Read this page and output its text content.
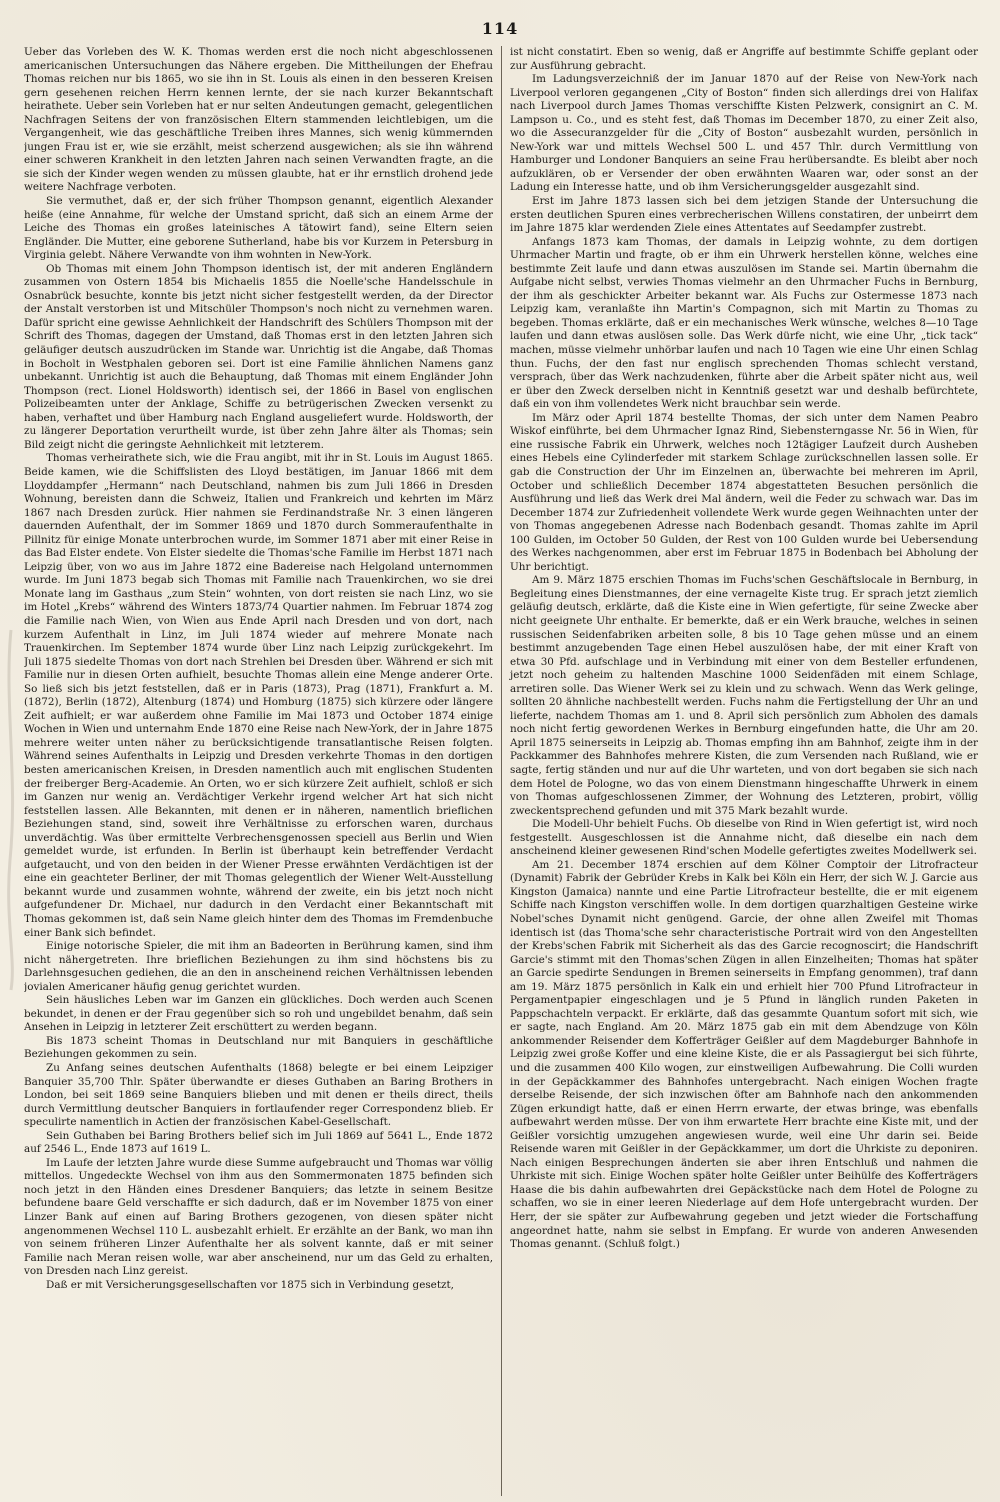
114

Ueber das Vorleben des W. K. Thomas werden erst die noch nicht abgeschlossenen americanischen Untersuchungen das Nähere ergeben. Die Mittheilungen der Ehefrau Thomas reichen nur bis 1865, wo sie ihn in St. Louis als einen in den besseren Kreisen gern gesehenen reichen Herrn kennen lernte, der sie nach kurzer Bekanntschaft heirathete. Ueber sein Vorleben hat er nur selten Andeutungen gemacht, gelegentlichen Nachfragen Seitens der von französischen Eltern stammenden leichtlebigen, um die Vergangenheit, wie das geschäftliche Treiben ihres Mannes, sich wenig kümmernden jungen Frau ist er, wie sie erzählt, meist scherzend ausgewichen; als sie ihn während einer schweren Krankheit in den letzten Jahren nach seinen Verwandten fragte, an die sie sich der Kinder wegen wenden zu müssen glaubte, hat er ihr ernstlich drohend jede weitere Nachfrage verboten.

Sie vermuthet, daß er, der sich früher Thompson genannt, eigentlich Alexander heiße (eine Annahme, für welche der Umstand spricht, daß sich an einem Arme der Leiche des Thomas ein großes lateinisches A tätowirt fand), seine Eltern seien Engländer. Die Mutter, eine geborene Sutherland, habe bis vor Kurzem in Petersburg in Virginia gelebt. Nähere Verwandte von ihm wohnten in New-York.

Ob Thomas mit einem John Thompson identisch ist, der mit anderen Engländern zusammen von Ostern 1854 bis Michaelis 1855 die Noelle'sche Handelsschule in Osnabrück besuchte, konnte bis jetzt nicht sicher festgestellt werden, da der Director der Anstalt verstorben ist und Mitschüler Thompson's noch nicht zu vernehmen waren. Dafür spricht eine gewisse Aehnlichkeit der Handschrift des Schülers Thompson mit der Schrift des Thomas, dagegen der Umstand, daß Thomas erst in den letzten Jahren sich geläufiger deutsch auszudrücken im Stande war. Unrichtig ist die Angabe, daß Thomas in Bocholt in Westphalen geboren sei. Dort ist eine Familie ähnlichen Namens ganz unbekannt. Unrichtig ist auch die Behauptung, daß Thomas mit einem Engländer John Thompson (rect. Lionel Holdsworth) identisch sei, der 1866 in Basel von englischen Polizeibeamten unter der Anklage, Schiffe zu betrügerischen Zwecken versenkt zu haben, verhaftet und über Hamburg nach England ausgeliefert wurde. Holdsworth, der zu längerer Deportation verurtheilt wurde, ist über zehn Jahre älter als Thomas; sein Bild zeigt nicht die geringste Aehnlichkeit mit letzterem.

Thomas verheirathete sich, wie die Frau angibt, mit ihr in St. Louis im August 1865. Beide kamen, wie die Schiffslisten des Lloyd bestätigen, im Januar 1866 mit dem Lloyddampfer „Hermann“ nach Deutschland, nahmen bis zum Juli 1866 in Dresden Wohnung, bereisten dann die Schweiz, Italien und Frankreich und kehrten im März 1867 nach Dresden zurück. Hier nahmen sie Ferdinandstraße Nr. 3 einen längeren dauernden Aufenthalt, der im Sommer 1869 und 1870 durch Sommeraufenthalte in Pillnitz für einige Monate unterbrochen wurde, im Sommer 1871 aber mit einer Reise in das Bad Elster endete. Von Elster siedelte die Thomas'sche Familie im Herbst 1871 nach Leipzig über, von wo aus im Jahre 1872 eine Badereise nach Helgoland unternommen wurde. Im Juni 1873 begab sich Thomas mit Familie nach Trauenkirchen, wo sie drei Monate lang im Gasthaus „zum Stein“ wohnten, von dort reisten sie nach Linz, wo sie im Hotel „Krebs“ während des Winters 1873/74 Quartier nahmen. Im Februar 1874 zog die Familie nach Wien, von Wien aus Ende April nach Dresden und von dort, nach kurzem Aufenthalt in Linz, im Juli 1874 wieder auf mehrere Monate nach Trauenkirchen. Im September 1874 wurde über Linz nach Leipzig zurückgekehrt. Im Juli 1875 siedelte Thomas von dort nach Strehlen bei Dresden über. Während er sich mit Familie nur in diesen Orten aufhielt, besuchte Thomas allein eine Menge anderer Orte. So ließ sich bis jetzt feststellen, daß er in Paris (1873), Prag (1871), Frankfurt a. M. (1872), Berlin (1872), Altenburg (1874) und Homburg (1875) sich kürzere oder längere Zeit aufhielt; er war außerdem ohne Familie im Mai 1873 und October 1874 einige Wochen in Wien und unternahm Ende 1870 eine Reise nach New-York, der in Jahre 1875 mehrere weiter unten näher zu berücksichtigende transatlantische Reisen folgten. Während seines Aufenthalts in Leipzig und Dresden verkehrte Thomas in den dortigen besten americanischen Kreisen, in Dresden namentlich auch mit englischen Studenten der freiberger Berg-Academie. An Orten, wo er sich kürzere Zeit aufhielt, schloß er sich im Ganzen nur wenig an. Verdächtiger Verkehr irgend welcher Art hat sich nicht feststellen lassen. Alle Bekannten, mit denen er in näheren, namentlich brieflichen Beziehungen stand, sind, soweit ihre Verhältnisse zu erforschen waren, durchaus unverdächtig. Was über ermittelte Verbrechensgenossen speciell aus Berlin und Wien gemeldet wurde, ist erfunden. In Berlin ist überhaupt kein betreffender Verdacht aufgetaucht, und von den beiden in der Wiener Presse erwähnten Verdächtigen ist der eine ein geachteter Berliner, der mit Thomas gelegentlich der Wiener Welt-Ausstellung bekannt wurde und zusammen wohnte, während der zweite, ein bis jetzt noch nicht aufgefundener Dr. Michael, nur dadurch in den Verdacht einer Bekanntschaft mit Thomas gekommen ist, daß sein Name gleich hinter dem des Thomas im Fremdenbuche einer Bank sich befindet.

Einige notorische Spieler, die mit ihm an Badeorten in Berührung kamen, sind ihm nicht nähergetreten. Ihre brieflichen Beziehungen zu ihm sind höchstens bis zu Darlehnsgesuchen gediehen, die an den in anscheinend reichen Verhältnissen lebenden jovialen Americaner häufig genug gerichtet wurden.

Sein häusliches Leben war im Ganzen ein glückliches. Doch werden auch Scenen bekundet, in denen er der Frau gegenüber sich so roh und ungebildet benahm, daß sein Ansehen in Leipzig in letzterer Zeit erschüttert zu werden begann.

Bis 1873 scheint Thomas in Deutschland nur mit Banquiers in geschäftliche Beziehungen gekommen zu sein.

Zu Anfang seines deutschen Aufenthalts (1868) belegte er bei einem Leipziger Banquier 35,700 Thlr. Später überwandte er dieses Guthaben an Baring Brothers in London, bei seit 1869 seine Banquiers blieben und mit denen er theils direct, theils durch Vermittlung deutscher Banquiers in fortlaufender reger Correspondenz blieb. Er speculirte namentlich in Actien der französischen Kabel-Gesellschaft.

Sein Guthaben bei Baring Brothers belief sich im Juli 1869 auf 5641 L., Ende 1872 auf 2546 L., Ende 1873 auf 1619 L.

Im Laufe der letzten Jahre wurde diese Summe aufgebraucht und Thomas war völlig mittellos. Ungedeckte Wechsel von ihm aus den Sommermonaten 1875 befinden sich noch jetzt in den Händen eines Dresdener Banquiers; das letzte in seinem Besitze befundene baare Geld verschaffte er sich dadurch, daß er im November 1875 von einer Linzer Bank auf einen auf Baring Brothers gezogenen, von diesen später nicht angenommenen Wechsel 110 L. ausbezahlt erhielt. Er erzählte an der Bank, wo man ihn von seinem früheren Linzer Aufenthalte her als solvent kannte, daß er mit seiner Familie nach Meran reisen wolle, war aber anscheinend, nur um das Geld zu erhalten, von Dresden nach Linz gereist.

Daß er mit Versicherungsgesellschaften vor 1875 sich in Verbindung gesetzt,

ist nicht constatirt. Eben so wenig, daß er Angriffe auf bestimmte Schiffe geplant oder zur Ausführung gebracht.

Im Ladungsverzeichniß der im Januar 1870 auf der Reise von New-York nach Liverpool verloren gegangenen „City of Boston“ finden sich allerdings drei von Halifax nach Liverpool durch James Thomas verschiffte Kisten Pelzwerk, consignirt an C. M. Lampson u. Co., und es steht fest, daß Thomas im December 1870, zu einer Zeit also, wo die Assecuranzgelder für die „City of Boston“ ausbezahlt wurden, persönlich in New-York war und mittels Wechsel 500 L. und 457 Thlr. durch Vermittlung von Hamburger und Londoner Banquiers an seine Frau herübersandte. Es bleibt aber noch aufzuklären, ob er Versender der oben erwähnten Waaren war, oder sonst an der Ladung ein Interesse hatte, und ob ihm Versicherungsgelder ausgezahlt sind.

Erst im Jahre 1873 lassen sich bei dem jetzigen Stande der Untersuchung die ersten deutlichen Spuren eines verbrecherischen Willens constatiren, der unbeirrt dem im Jahre 1875 klar werdenden Ziele eines Attentates auf Seedampfer zustrebt.

Anfangs 1873 kam Thomas, der damals in Leipzig wohnte, zu dem dortigen Uhrmacher Martin und fragte, ob er ihm ein Uhrwerk herstellen könne, welches eine bestimmte Zeit laufe und dann etwas auszulösen im Stande sei. Martin übernahm die Aufgabe nicht selbst, verwies Thomas vielmehr an den Uhrmacher Fuchs in Bernburg, der ihm als geschickter Arbeiter bekannt war. Als Fuchs zur Ostermesse 1873 nach Leipzig kam, veranlaßte ihn Martin's Compagnon, sich mit Martin zu Thomas zu begeben. Thomas erklärte, daß er ein mechanisches Werk wünsche, welches 8—10 Tage laufen und dann etwas auslösen solle. Das Werk dürfe nicht, wie eine Uhr, „tick tack“ machen, müsse vielmehr unhörbar laufen und nach 10 Tagen wie eine Uhr einen Schlag thun. Fuchs, der den fast nur englisch sprechenden Thomas schlecht verstand, versprach, über das Werk nachzudenken, führte aber die Arbeit später nicht aus, weil er über den Zweck derselben nicht in Kenntniß gesetzt war und deshalb befürchtete, daß ein von ihm vollendetes Werk nicht brauchbar sein werde.

Im März oder April 1874 bestellte Thomas, der sich unter dem Namen Peabro Wiskof einführte, bei dem Uhrmacher Ignaz Rind, Siebensterngasse Nr. 56 in Wien, für eine russische Fabrik ein Uhrwerk, welches noch 12tägiger Laufzeit durch Ausheben eines Hebels eine Cylinderfeder mit starkem Schlage zurückschnellen lassen solle. Er gab die Construction der Uhr im Einzelnen an, überwachte bei mehreren im April, October und schließlich December 1874 abgestatteten Besuchen persönlich die Ausführung und ließ das Werk drei Mal ändern, weil die Feder zu schwach war. Das im December 1874 zur Zufriedenheit vollendete Werk wurde gegen Weihnachten unter der von Thomas angegebenen Adresse nach Bodenbach gesandt. Thomas zahlte im April 100 Gulden, im October 50 Gulden, der Rest von 100 Gulden wurde bei Uebersendung des Werkes nachgenommen, aber erst im Februar 1875 in Bodenbach bei Abholung der Uhr berichtigt.

Am 9. März 1875 erschien Thomas im Fuchs'schen Geschäftslocale in Bernburg, in Begleitung eines Dienstmannes, der eine vernagelte Kiste trug. Er sprach jetzt ziemlich geläufig deutsch, erklärte, daß die Kiste eine in Wien gefertigte, für seine Zwecke aber nicht geeignete Uhr enthalte. Er bemerkte, daß er ein Werk brauche, welches in seinen russischen Seidenfabriken arbeiten solle, 8 bis 10 Tage gehen müsse und an einem bestimmt anzugebenden Tage einen Hebel auszulösen habe, der mit einer Kraft von etwa 30 Pfd. aufschlage und in Verbindung mit einer von dem Besteller erfundenen, jetzt noch geheim zu haltenden Maschine 1000 Seidenfäden mit einem Schlage, arretiren solle. Das Wiener Werk sei zu klein und zu schwach. Wenn das Werk gelinge, sollten 20 ähnliche nachbestellt werden. Fuchs nahm die Fertigstellung der Uhr an und lieferte, nachdem Thomas am 1. und 8. April sich persönlich zum Abholen des damals noch nicht fertig gewordenen Werkes in Bernburg eingefunden hatte, die Uhr am 20. April 1875 seinerseits in Leipzig ab. Thomas empfing ihn am Bahnhof, zeigte ihm in der Packkammer des Bahnhofes mehrere Kisten, die zum Versenden nach Rußland, wie er sagte, fertig ständen und nur auf die Uhr warteten, und von dort begaben sie sich nach dem Hotel de Pologne, wo das von einem Dienstmann hingeschaffte Uhrwerk in einem von Thomas aufgeschlossenen Zimmer, der Wohnung des Letzteren, probirt, völlig zweckentsprechend gefunden und mit 375 Mark bezahlt wurde.

Die Modell-Uhr behielt Fuchs. Ob dieselbe von Rind in Wien gefertigt ist, wird noch festgestellt. Ausgeschlossen ist die Annahme nicht, daß dieselbe ein nach dem anscheinend kleiner gewesenen Rind'schen Modelle gefertigtes zweites Modellwerk sei.

Am 21. December 1874 erschien auf dem Kölner Comptoir der Litrofracteur (Dynamit) Fabrik der Gebrüder Krebs in Kalk bei Köln ein Herr, der sich W. J. Garcie aus Kingston (Jamaica) nannte und eine Partie Litrofracteur bestellte, die er mit eigenem Schiffe nach Kingston verschiffen wolle. In dem dortigen quarzhaltigen Gesteine wirke Nobel'sches Dynamit nicht genügend. Garcie, der ohne allen Zweifel mit Thomas identisch ist (das Thoma'sche sehr characteristische Portrait wird von den Angestellten der Krebs'schen Fabrik mit Sicherheit als das des Garcie recognoscirt; die Handschrift Garcie's stimmt mit den Thomas'schen Zügen in allen Einzelheiten; Thomas hat später an Garcie spedirte Sendungen in Bremen seinerseits in Empfang genommen), traf dann am 19. März 1875 persönlich in Kalk ein und erhielt hier 700 Pfund Litrofracteur in Pergamentpapier eingeschlagen und je 5 Pfund in länglich runden Paketen in Pappschachteln verpackt. Er erklärte, daß das gesammte Quantum sofort mit sich, wie er sagte, nach England. Am 20. März 1875 gab ein mit dem Abendzuge von Köln ankommender Reisender dem Kofferträger Geißler auf dem Magdeburger Bahnhofe in Leipzig zwei große Koffer und eine kleine Kiste, die er als Passagiergut bei sich führte, und die zusammen 400 Kilo wogen, zur einstweiligen Aufbewahrung. Die Colli wurden in der Gepäckkammer des Bahnhofes untergebracht. Nach einigen Wochen fragte derselbe Reisende, der sich inzwischen öfter am Bahnhofe nach den ankommenden Zügen erkundigt hatte, daß er einen Herrn erwarte, der etwas bringe, was ebenfalls aufbewahrt werden müsse. Der von ihm erwartete Herr brachte eine Kiste mit, und der Geißler vorsichtig umzugehen angewiesen wurde, weil eine Uhr darin sei. Beide Reisende waren mit Geißler in der Gepäckkammer, um dort die Uhrkiste zu deponiren. Nach einigen Besprechungen änderten sie aber ihren Entschluß und nahmen die Uhrkiste mit sich. Einige Wochen später holte Geißler unter Beihülfe des Kofferträgers Haase die bis dahin aufbewahrten drei Gepäckstücke nach dem Hotel de Pologne zu schaffen, wo sie in einer leeren Niederlage auf dem Hofe untergebracht wurden. Der Herr, der sie später zur Aufbewahrung gegeben und jetzt wieder die Fortschaffung angeordnet hatte, nahm sie selbst in Empfang. Er wurde von anderen Anwesenden Thomas genannt. (Schluß folgt.)
